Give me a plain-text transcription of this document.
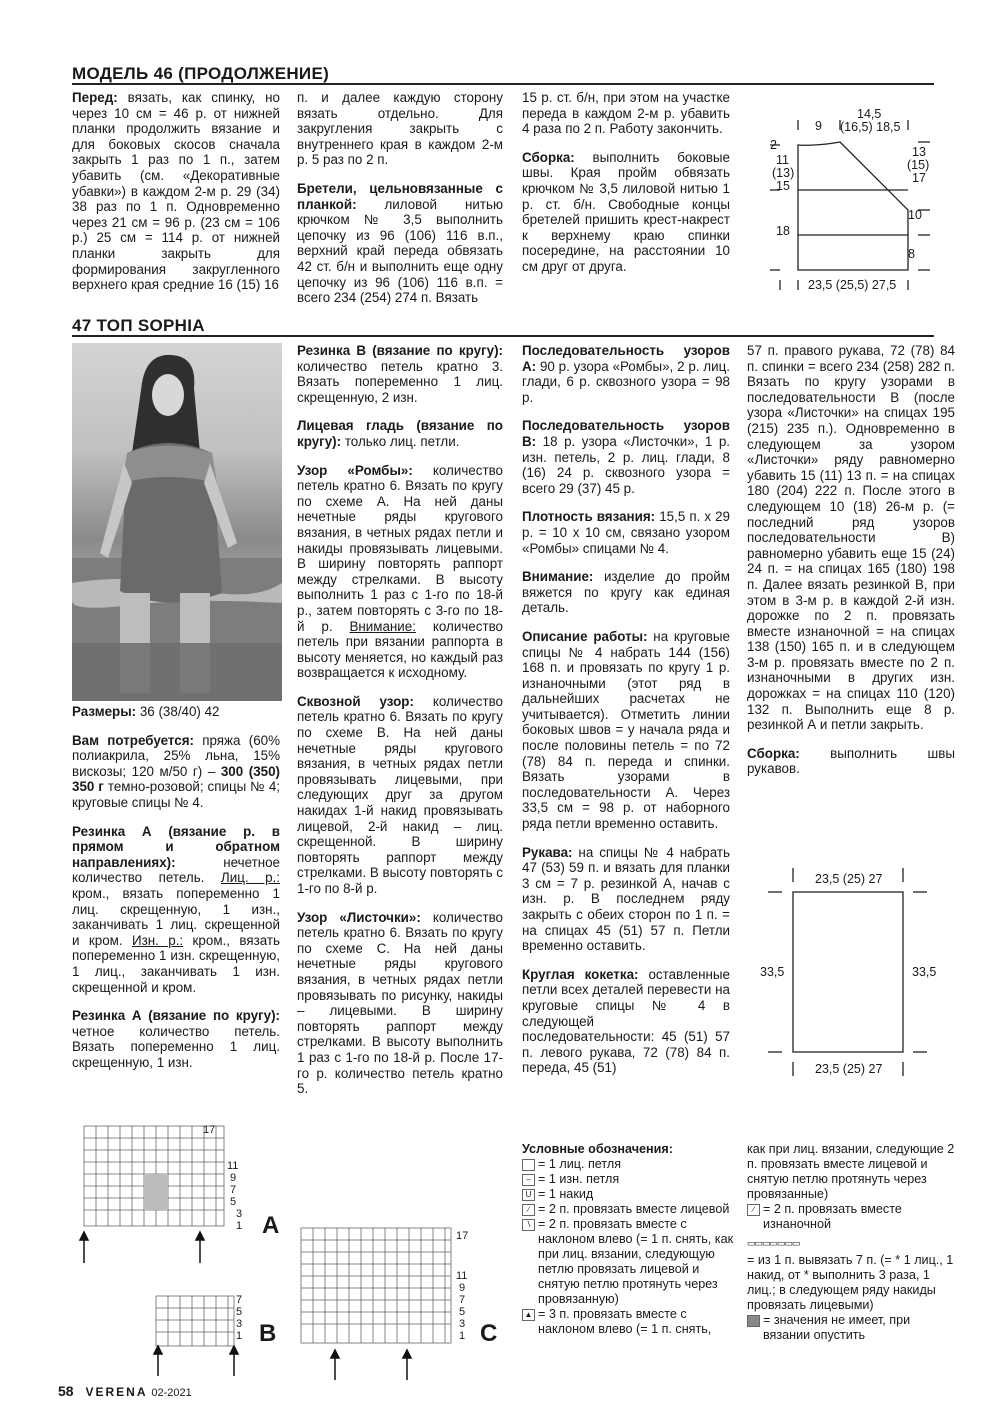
МОДЕЛЬ 46 (ПРОДОЛЖЕНИЕ)

Перед: вязать, как спинку, но через 10 см = 46 р. от нижней планки продолжить вязание и для боковых скосов сначала закрыть 1 раз по 1 п., затем убавить (см. «Декоративные убавки») в каждом 2-м р. 29 (34) 38 раз по 1 п. Одновременно через 21 см = 96 р. (23 см = 106 р.) 25 см = 114 р. от нижней планки закрыть для формирования закругленного верхнего края средние 16 (15) 16

п. и далее каждую сторону вязать отдельно. Для закругления закрыть с внутреннего края в каждом 2-м р. 5 раз по 2 п.

Бретели, цельновязанные с планкой: лиловой нитью крючком № 3,5 выполнить цепочку из 96 (106) 116 в.п., верхний край переда обвязать 42 ст. б/н и выполнить еще одну цепочку из 96 (106) 116 в.п. = всего 234 (254) 274 п. Вязать

15 р. ст. б/н, при этом на участке переда в каждом 2-м р. убавить 4 раза по 2 п. Работу закончить.

Сборка: выполнить боковые швы. Края пройм обвязать крючком № 3,5 лиловой нитью 1 р. ст. б/н. Свободные концы бретелей пришить крест-накрест к верхнему краю спинки посередине, на расстоянии 10 см друг от друга.

14,5
(16,5) 18,5
9
2
11
(13)
15
18
13
(15)
17
10
8
23,5 (25,5) 27,5
47 ТОП SOPHIA

Размеры: 36 (38/40) 42

Вам потребуется: пряжа (60% полиакрила, 25% льна, 15% вискозы; 120 м/50 г) – 300 (350) 350 г темно-розовой; спицы № 4; круговые спицы № 4.

Резинка А (вязание р. в прямом и обратном направлениях): нечетное количество петель. Лиц. р.: кром., вязать попеременно 1 лиц. скрещенную, 1 изн., заканчивать 1 лиц. скрещенной и кром. Изн. р.: кром., вязать попеременно 1 изн. скрещенную, 1 лиц., заканчивать 1 изн. скрещенной и кром.

Резинка А (вязание по кругу): четное количество петель. Вязать попеременно 1 лиц. скрещенную, 1 изн.

Резинка В (вязание по кругу): количество петель кратно 3. Вязать попеременно 1 лиц. скрещенную, 2 изн.

Лицевая гладь (вязание по кругу): только лиц. петли.

Узор «Ромбы»: количество петель кратно 6. Вязать по кругу по схеме А. На ней даны нечетные ряды кругового вязания, в четных рядах петли и накиды провязывать лицевыми. В ширину повторять раппорт между стрелками. В высоту выполнить 1 раз с 1-го по 18-й р., затем повторять с 3-го по 18-й р. Внимание: количество петель при вязании раппорта в высоту меняется, но каждый раз возвращается к исходному.

Сквозной узор: количество петель кратно 6. Вязать по кругу по схеме В. На ней даны нечетные ряды кругового вязания, в четных рядах петли провязывать лицевыми, при следующих друг за другом накидах 1-й накид провязывать лицевой, 2-й накид – лиц. скрещенной. В ширину повторять раппорт между стрелками. В высоту повторять с 1-го по 8-й р.

Узор «Листочки»: количество петель кратно 6. Вязать по кругу по схеме С. На ней даны нечетные ряды кругового вязания, в четных рядах петли провязывать по рисунку, накиды – лицевыми. В ширину повторять раппорт между стрелками. В высоту выполнить 1 раз с 1-го по 18-й р. После 17-го р. количество петель кратно 5.

Последовательность узоров А: 90 р. узора «Ромбы», 2 р. лиц. глади, 6 р. сквозного узора = 98 р.

Последовательность узоров В: 18 р. узора «Листочки», 1 р. изн. петель, 2 р. лиц. глади, 8 (16) 24 р. сквозного узора = всего 29 (37) 45 р.

Плотность вязания: 15,5 п. х 29 р. = 10 х 10 см, связано узором «Ромбы» спицами № 4.

Внимание: изделие до пройм вяжется по кругу как единая деталь.

Описание работы: на круговые спицы № 4 набрать 144 (156) 168 п. и провязать по кругу 1 р. изнаночными (этот ряд в дальнейших расчетах не учитывается). Отметить линии боковых швов = у начала ряда и после половины петель = по 72 (78) 84 п. переда и спинки. Вязать узорами в последовательности А. Через 33,5 см = 98 р. от наборного ряда петли временно оставить.

Рукава: на спицы № 4 набрать 47 (53) 59 п. и вязать для планки 3 см = 7 р. резинкой А, начав с изн. р. В последнем ряду закрыть с обеих сторон по 1 п. = на спицах 45 (51) 57 п. Петли временно оставить.

Круглая кокетка: оставленные петли всех деталей перевести на круговые спицы № 4 в следующей последовательности: 45 (51) 57 п. левого рукава, 72 (78) 84 п. переда, 45 (51)

57 п. правого рукава, 72 (78) 84 п. спинки = всего 234 (258) 282 п. Вязать по кругу узорами в последовательности В (после узора «Листочки» на спицах 195 (215) 235 п.). Одновременно в следующем за узором «Листочки» ряду равномерно убавить 15 (11) 13 п. = на спицах 180 (204) 222 п. После этого в следующем 10 (18) 26-м р. (= последний ряд узоров последовательности В) равномерно убавить еще 15 (24) 24 п. = на спицах 165 (180) 198 п. Далее вязать резинкой В, при этом в 3-м р. в каждой 2-й изн. дорожке по 2 п. провязать вместе изнаночной = на спицах 138 (150) 165 п. и в следующем 3-м р. провязать вместе по 2 п. изнаночными в других изн. дорожках = на спицах 110 (120) 132 п. Выполнить еще 8 р. резинкой А и петли закрыть.

Сборка: выполнить швы рукавов.

23,5 (25) 27
33,5	33,5
23,5 (25) 27
17
11
9
7
5
3
1 A
7
5
3
1 B
17
11
9
7
5
3
1 C
Условные обозначения:
= 1 лиц. петля
– = 1 изн. петля
U = 1 накид
∕ = 2 п. провязать вместе лицевой
∖ = 2 п. провязать вместе с наклоном влево (= 1 п. снять, как при лиц. вязании, следующую петлю провязать лицевой и снятую петлю протянуть через провязанную)
▲ = 3 п. провязать вместе с наклоном влево (= 1 п. снять,
как при лиц. вязании, следующие 2 п. провязать вместе лицевой и снятую петлю протянуть через провязанные)
∕ = 2 п. провязать вместе изнаночной
▭▭▭▭▭▭▭
= из 1 п. вывязать 7 п. (= * 1 лиц., 1 накид, от * выполнить 3 раза, 1 лиц.; в следующем ряду накиды провязать лицевыми)
= значения не имеет, при вязании опустить
58 VERENA 02-2021
